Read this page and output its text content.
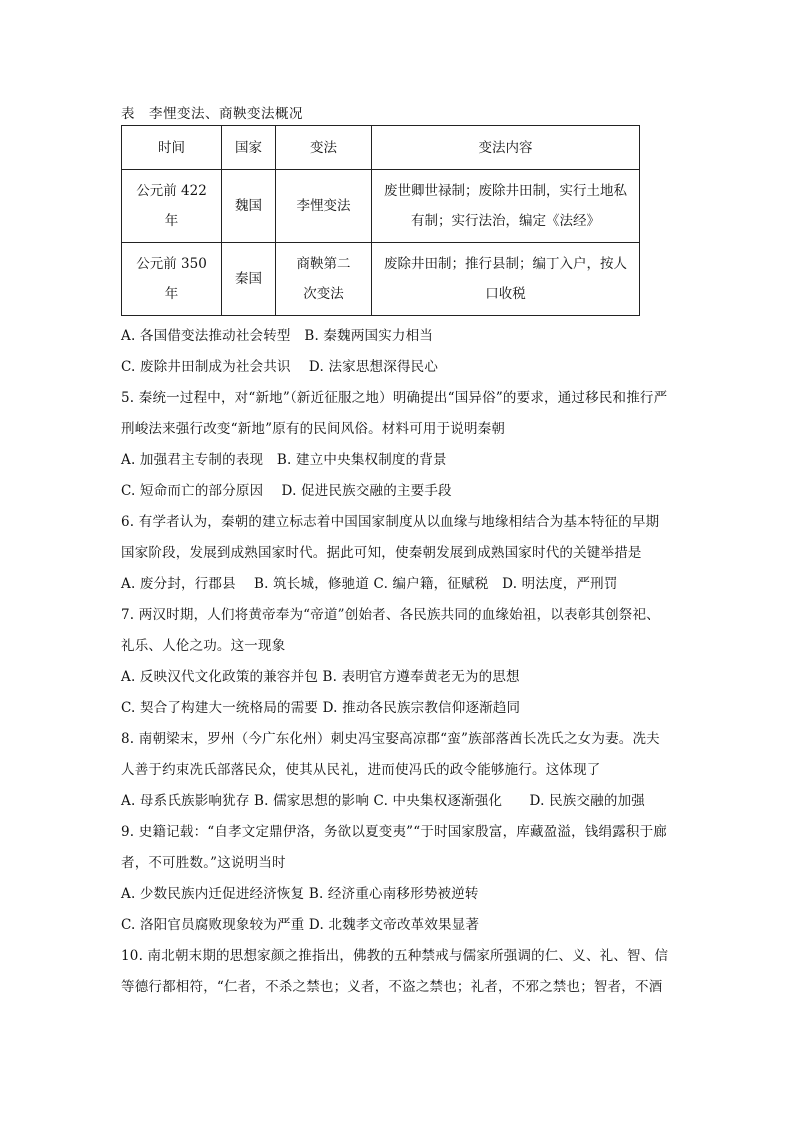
表　李悝变法、商鞅变法概况
时间	国家	变法	变法内容
公元前 422 年	魏国	李悝变法	废世卿世禄制；废除井田制，实行土地私有制；实行法治，编定《法经》
公元前 350 年	秦国	商鞅第二次变法	废除井田制；推行县制；编丁入户，按人口收税
A. 各国借变法推动社会转型　B. 秦魏两国实力相当
C. 废除井田制成为社会共识　 D. 法家思想深得民心
5. 秦统一过程中，对“新地”（新近征服之地）明确提出“国异俗”的要求，通过移民和推行严
刑峻法来强行改变“新地”原有的民间风俗。材料可用于说明秦朝
A. 加强君主专制的表现　B. 建立中央集权制度的背景
C. 短命而亡的部分原因　 D. 促进民族交融的主要手段
6. 有学者认为，秦朝的建立标志着中国国家制度从以血缘与地缘相结合为基本特征的早期
国家阶段，发展到成熟国家时代。据此可知，使秦朝发展到成熟国家时代的关键举措是
A. 废分封，行郡县　 B. 筑长城，修驰道 C. 编户籍，征赋税　D. 明法度，严刑罚
7. 两汉时期，人们将黄帝奉为“帝道”创始者、各民族共同的血缘始祖，以表彰其创祭祀、
礼乐、人伦之功。这一现象
A. 反映汉代文化政策的兼容并包 B. 表明官方遵奉黄老无为的思想
C. 契合了构建大一统格局的需要 D. 推动各民族宗教信仰逐渐趋同
8. 南朝梁末，罗州（今广东化州）刺史冯宝娶高凉郡“蛮”族部落酋长冼氏之女为妻。冼夫
人善于约束冼氏部落民众，使其从民礼，进而使冯氏的政令能够施行。这体现了
A. 母系氏族影响犹存 B. 儒家思想的影响 C. 中央集权逐渐强化　　D. 民族交融的加强
9. 史籍记载：“自孝文定鼎伊洛，务欲以夏变夷”“于时国家殷富，库藏盈溢，钱绢露积于廊
者，不可胜数。”这说明当时
A. 少数民族内迁促进经济恢复 B. 经济重心南移形势被逆转
C. 洛阳官员腐败现象较为严重 D. 北魏孝文帝改革效果显著
10. 南北朝末期的思想家颜之推指出，佛教的五种禁戒与儒家所强调的仁、义、礼、智、信
等德行都相符，“仁者，不杀之禁也；义者，不盗之禁也；礼者，不邪之禁也；智者，不酒
